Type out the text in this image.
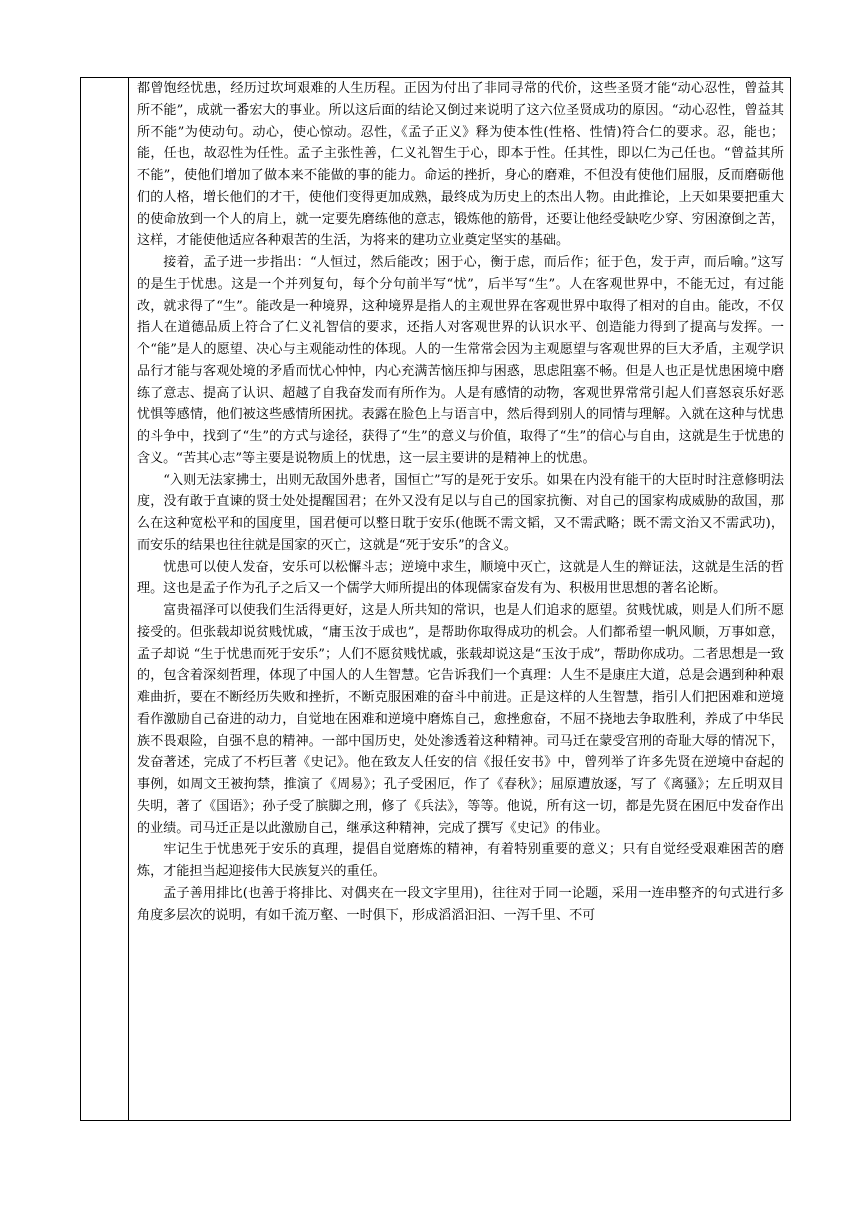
都曾饱经忧患，经历过坎坷艰难的人生历程。正因为付出了非同寻常的代价，这些圣贤才能“动心忍性，曾益其所不能”，成就一番宏大的事业。所以这后面的结论又倒过来说明了这六位圣贤成功的原因。“动心忍性，曾益其所不能”为使动句。动心，使心惊动。忍性，《孟子正义》释为使本性(性格、性情)符合仁的要求。忍，能也；能，任也，故忍性为任性。孟子主张性善，仁义礼智生于心，即本于性。任其性，即以仁为己任也。“曾益其所不能”，使他们增加了做本来不能做的事的能力。命运的挫折，身心的磨难，不但没有使他们屈服，反而磨砺他们的人格，增长他们的才干，使他们变得更加成熟，最终成为历史上的杰出人物。由此推论，上天如果要把重大的使命放到一个人的肩上，就一定要先磨练他的意志，锻炼他的筋骨，还要让他经受缺吃少穿、穷困潦倒之苦，这样，才能使他适应各种艰苦的生活，为将来的建功立业奠定坚实的基础。

接着，孟子进一步指出：“人恒过，然后能改；困于心，衡于虑，而后作；征于色，发于声，而后喻。”这写的是生于忧患。这是一个并列复句，每个分句前半写“忧”，后半写“生”。人在客观世界中，不能无过，有过能改，就求得了“生”。能改是一种境界，这种境界是指人的主观世界在客观世界中取得了相对的自由。能改，不仅指人在道德品质上符合了仁义礼智信的要求，还指人对客观世界的认识水平、创造能力得到了提高与发挥。一个“能”是人的愿望、决心与主观能动性的体现。人的一生常常会因为主观愿望与客观世界的巨大矛盾，主观学识品行才能与客观处境的矛盾而忧心忡忡，内心充满苦恼压抑与困惑，思虑阻塞不畅。但是人也正是忧患困境中磨练了意志、提高了认识、超越了自我奋发而有所作为。人是有感情的动物，客观世界常常引起人们喜怒哀乐好恶忧惧等感情，他们被这些感情所困扰。表露在脸色上与语言中，然后得到别人的同情与理解。入就在这种与忧患的斗争中，找到了“生”的方式与途径，获得了“生”的意义与价值，取得了“生”的信心与自由，这就是生于忧患的含义。“苦其心志”等主要是说物质上的忧患，这一层主要讲的是精神上的忧患。

“入则无法家拂士，出则无敌国外患者，国恒亡”写的是死于安乐。如果在内没有能干的大臣时时注意修明法度，没有敢于直谏的贤士处处提醒国君；在外又没有足以与自己的国家抗衡、对自己的国家构成威胁的敌国，那么在这种宽松平和的国度里，国君便可以整日耽于安乐(他既不需文韬，又不需武略；既不需文治又不需武功)，而安乐的结果也往往就是国家的灭亡，这就是“死于安乐”的含义。

忧患可以使人发奋，安乐可以松懈斗志；逆境中求生，顺境中灭亡，这就是人生的辩证法，这就是生活的哲理。这也是孟子作为孔子之后又一个儒学大师所提出的体现儒家奋发有为、积极用世思想的著名论断。

富贵福泽可以使我们生活得更好，这是人所共知的常识，也是人们追求的愿望。贫贱忧戚，则是人们所不愿接受的。但张载却说贫贱忧戚，“庸玉汝于成也”，是帮助你取得成功的机会。人们都希望一帆风顺，万事如意，孟子却说 “生于忧患而死于安乐”；人们不愿贫贱忧戚，张载却说这是“玉汝于成”，帮助你成功。二者思想是一致的，包含着深刻哲理，体现了中国人的人生智慧。它告诉我们一个真理：人生不是康庄大道，总是会遇到种种艰难曲折，要在不断经历失败和挫折，不断克服困难的奋斗中前进。正是这样的人生智慧，指引人们把困难和逆境看作激励自己奋进的动力，自觉地在困难和逆境中磨炼自己，愈挫愈奋，不屈不挠地去争取胜利，养成了中华民族不畏艰险，自强不息的精神。一部中国历史，处处渗透着这种精神。司马迁在蒙受宫刑的奇耻大辱的情况下，发奋著述，完成了不朽巨著《史记》。他在致友人任安的信《报任安书》中，曾列举了许多先贤在逆境中奋起的事例，如周文王被拘禁，推演了《周易》；孔子受困厄，作了《春秋》；屈原遭放逐，写了《离骚》；左丘明双目失明，著了《国语》；孙子受了膑脚之刑，修了《兵法》，等等。他说，所有这一切，都是先贤在困厄中发奋作出的业绩。司马迁正是以此激励自己，继承这种精神，完成了撰写《史记》的伟业。

牢记生于忧患死于安乐的真理，提倡自觉磨炼的精神，有着特别重要的意义；只有自觉经受艰难困苦的磨炼，才能担当起迎接伟大民族复兴的重任。

孟子善用排比(也善于将排比、对偶夹在一段文字里用)，往往对于同一论题，采用一连串整齐的句式进行多角度多层次的说明，有如千流万壑、一时俱下，形成滔滔汩汩、一泻千里、不可
